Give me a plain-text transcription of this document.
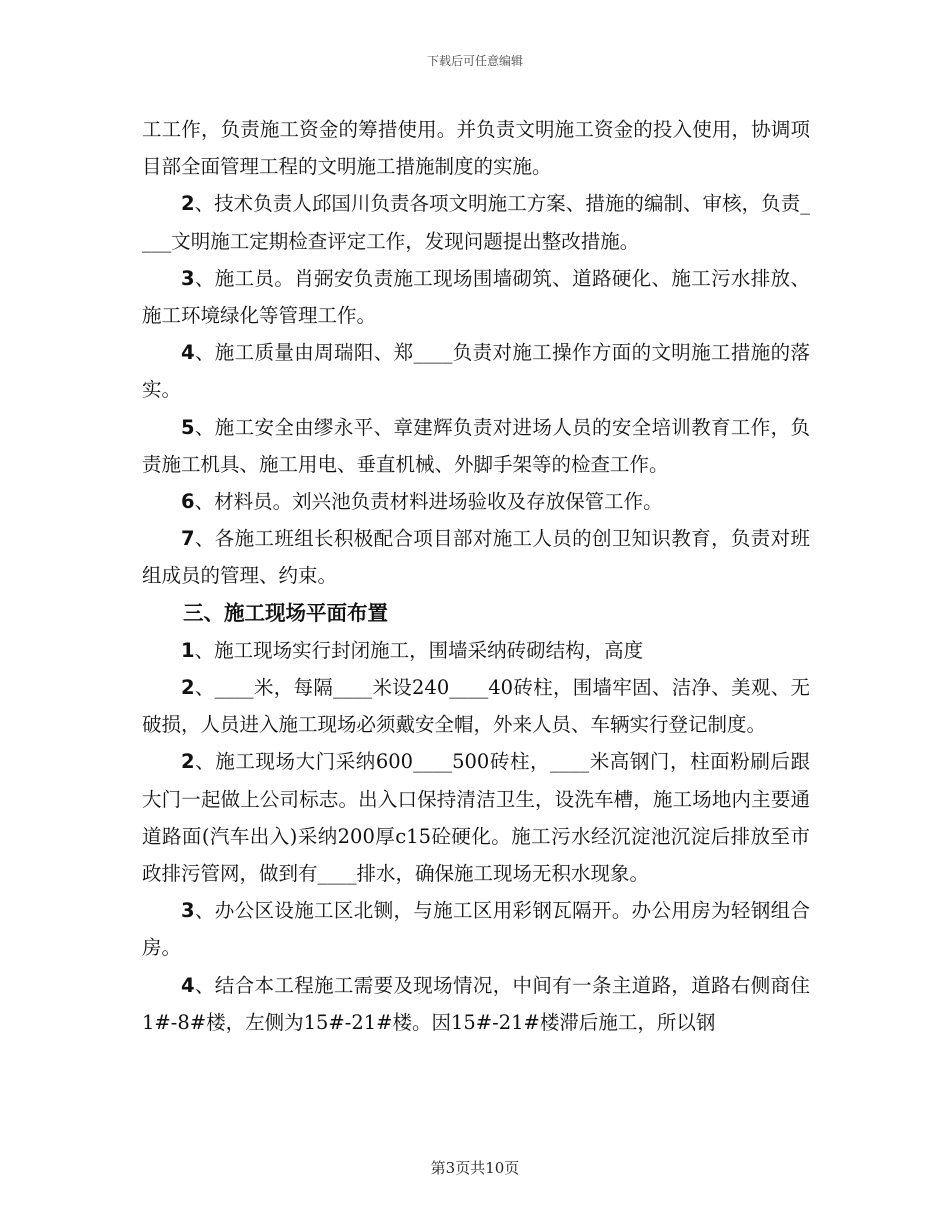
下载后可任意编辑

工工作，负责施工资金的筹措使用。并负责文明施工资金的投入使用，协调项目部全面管理工程的文明施工措施制度的实施。

2、技术负责人邱国川负责各项文明施工方案、措施的编制、审核，负责____文明施工定期检查评定工作，发现问题提出整改措施。

3、施工员。肖弼安负责施工现场围墙砌筑、道路硬化、施工污水排放、施工环境绿化等管理工作。

4、施工质量由周瑞阳、郑____负责对施工操作方面的文明施工措施的落实。

5、施工安全由缪永平、章建辉负责对进场人员的安全培训教育工作，负责施工机具、施工用电、垂直机械、外脚手架等的检查工作。

6、材料员。刘兴池负责材料进场验收及存放保管工作。

7、各施工班组长积极配合项目部对施工人员的创卫知识教育，负责对班组成员的管理、约束。

三、施工现场平面布置

1、施工现场实行封闭施工，围墙采纳砖砌结构，高度

2、____米，每隔____米设240____40砖柱，围墙牢固、洁净、美观、无破损，人员进入施工现场必须戴安全帽，外来人员、车辆实行登记制度。

2、施工现场大门采纳600____500砖柱，____米高钢门，柱面粉刷后跟大门一起做上公司标志。出入口保持清洁卫生，设洗车槽，施工场地内主要通道路面(汽车出入)采纳200厚c15砼硬化。施工污水经沉淀池沉淀后排放至市政排污管网，做到有____排水，确保施工现场无积水现象。

3、办公区设施工区北铡，与施工区用彩钢瓦隔开。办公用房为轻钢组合房。

4、结合本工程施工需要及现场情况，中间有一条主道路，道路右侧商住1#-8#楼，左侧为15#-21#楼。因15#-21#楼滞后施工，所以钢

第3页共10页
